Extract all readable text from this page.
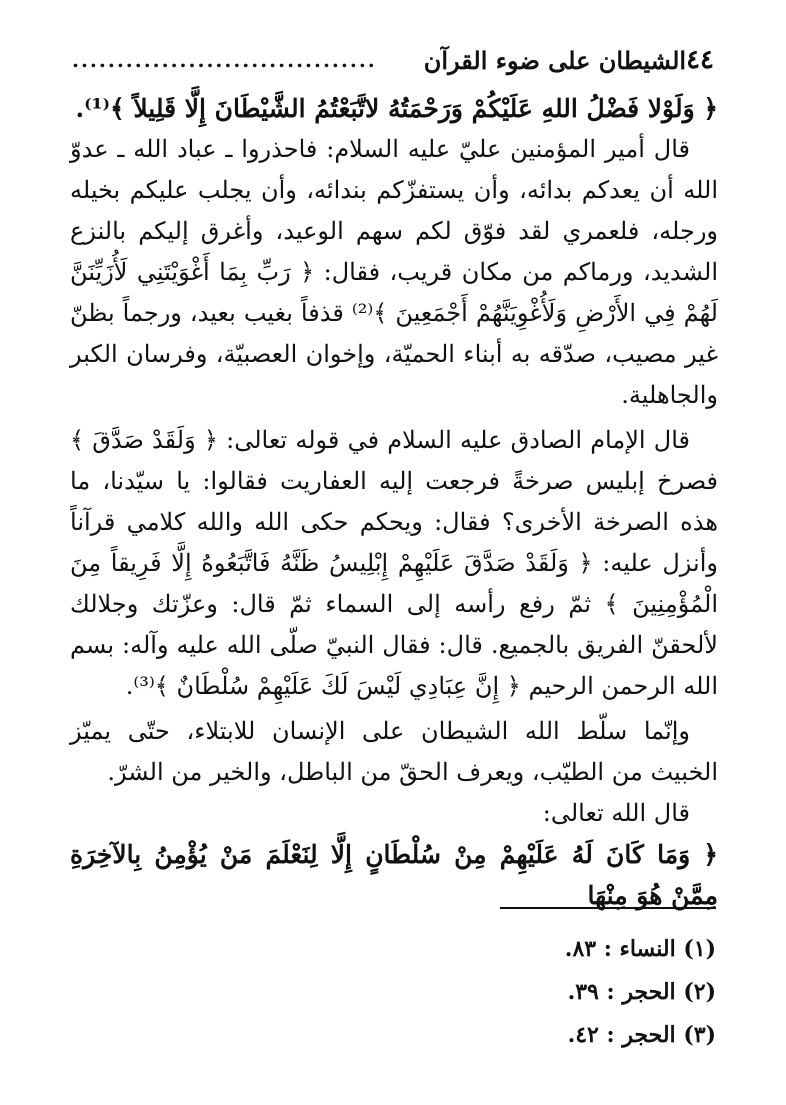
٤٤
الشيطان على ضوء القرآن
..................................

﴿ وَلَوْلا فَضْلُ اللهِ عَلَيْكُمْ وَرَحْمَتُهُ لاتَّبَعْتُمُ الشَّيْطَانَ إِلَّا قَلِيلاً ﴾⁽¹⁾.

قال أمير المؤمنين عليّ عليه السلام: فاحذروا ـ عباد الله ـ عدوّ الله أن يعدكم بدائه، وأن يستفزّكم بندائه، وأن يجلب عليكم بخيله ورجله، فلعمري لقد فوّق لكم سهم الوعيد، وأغرق إليكم بالنزع الشديد، ورماكم من مكان قريب، فقال: ﴿ رَبِّ بِمَا أَغْوَيْتَنِي لَأُزَيِّنَنَّ لَهُمْ فِي الأَرْضِ وَلَأُغْوِيَنَّهُمْ أَجْمَعِينَ ﴾⁽²⁾ قذفاً بغيب بعيد، ورجماً بظنّ غير مصيب، صدّقه به أبناء الحميّة، وإخوان العصبيّة، وفرسان الكبر والجاهلية.

قال الإمام الصادق عليه السلام في قوله تعالى: ﴿ وَلَقَدْ صَدَّقَ ﴾ فصرخ إبليس صرخةً فرجعت إليه العفاريت فقالوا: يا سيّدنا، ما هذه الصرخة الأخرى؟ فقال: ويحكم حكى الله والله كلامي قرآناً وأنزل عليه: ﴿ وَلَقَدْ صَدَّقَ عَلَيْهِمْ إِبْلِيسُ ظَنَّهُ فَاتَّبَعُوهُ إِلَّا فَرِيقاً مِنَ الْمُؤْمِنِينَ ﴾ ثمّ رفع رأسه إلى السماء ثمّ قال: وعزّتك وجلالك لألحقنّ الفريق بالجميع. قال: فقال النبيّ صلّى الله عليه وآله: بسم الله الرحمن الرحيم ﴿ إِنَّ عِبَادِي لَيْسَ لَكَ عَلَيْهِمْ سُلْطَانٌ ﴾⁽³⁾.

وإنّما سلّط الله الشيطان على الإنسان للابتلاء، حتّى يميّز الخبيث من الطيّب، ويعرف الحقّ من الباطل، والخير من الشرّ.

قال الله تعالى:

﴿ وَمَا كَانَ لَهُ عَلَيْهِمْ مِنْ سُلْطَانٍ إِلَّا لِنَعْلَمَ مَنْ يُؤْمِنُ بِالآخِرَةِ مِمَّنْ هُوَ مِنْهَا

(١) النساء : ٨٣.
(٢) الحجر : ٣٩.
(٣) الحجر : ٤٢.
